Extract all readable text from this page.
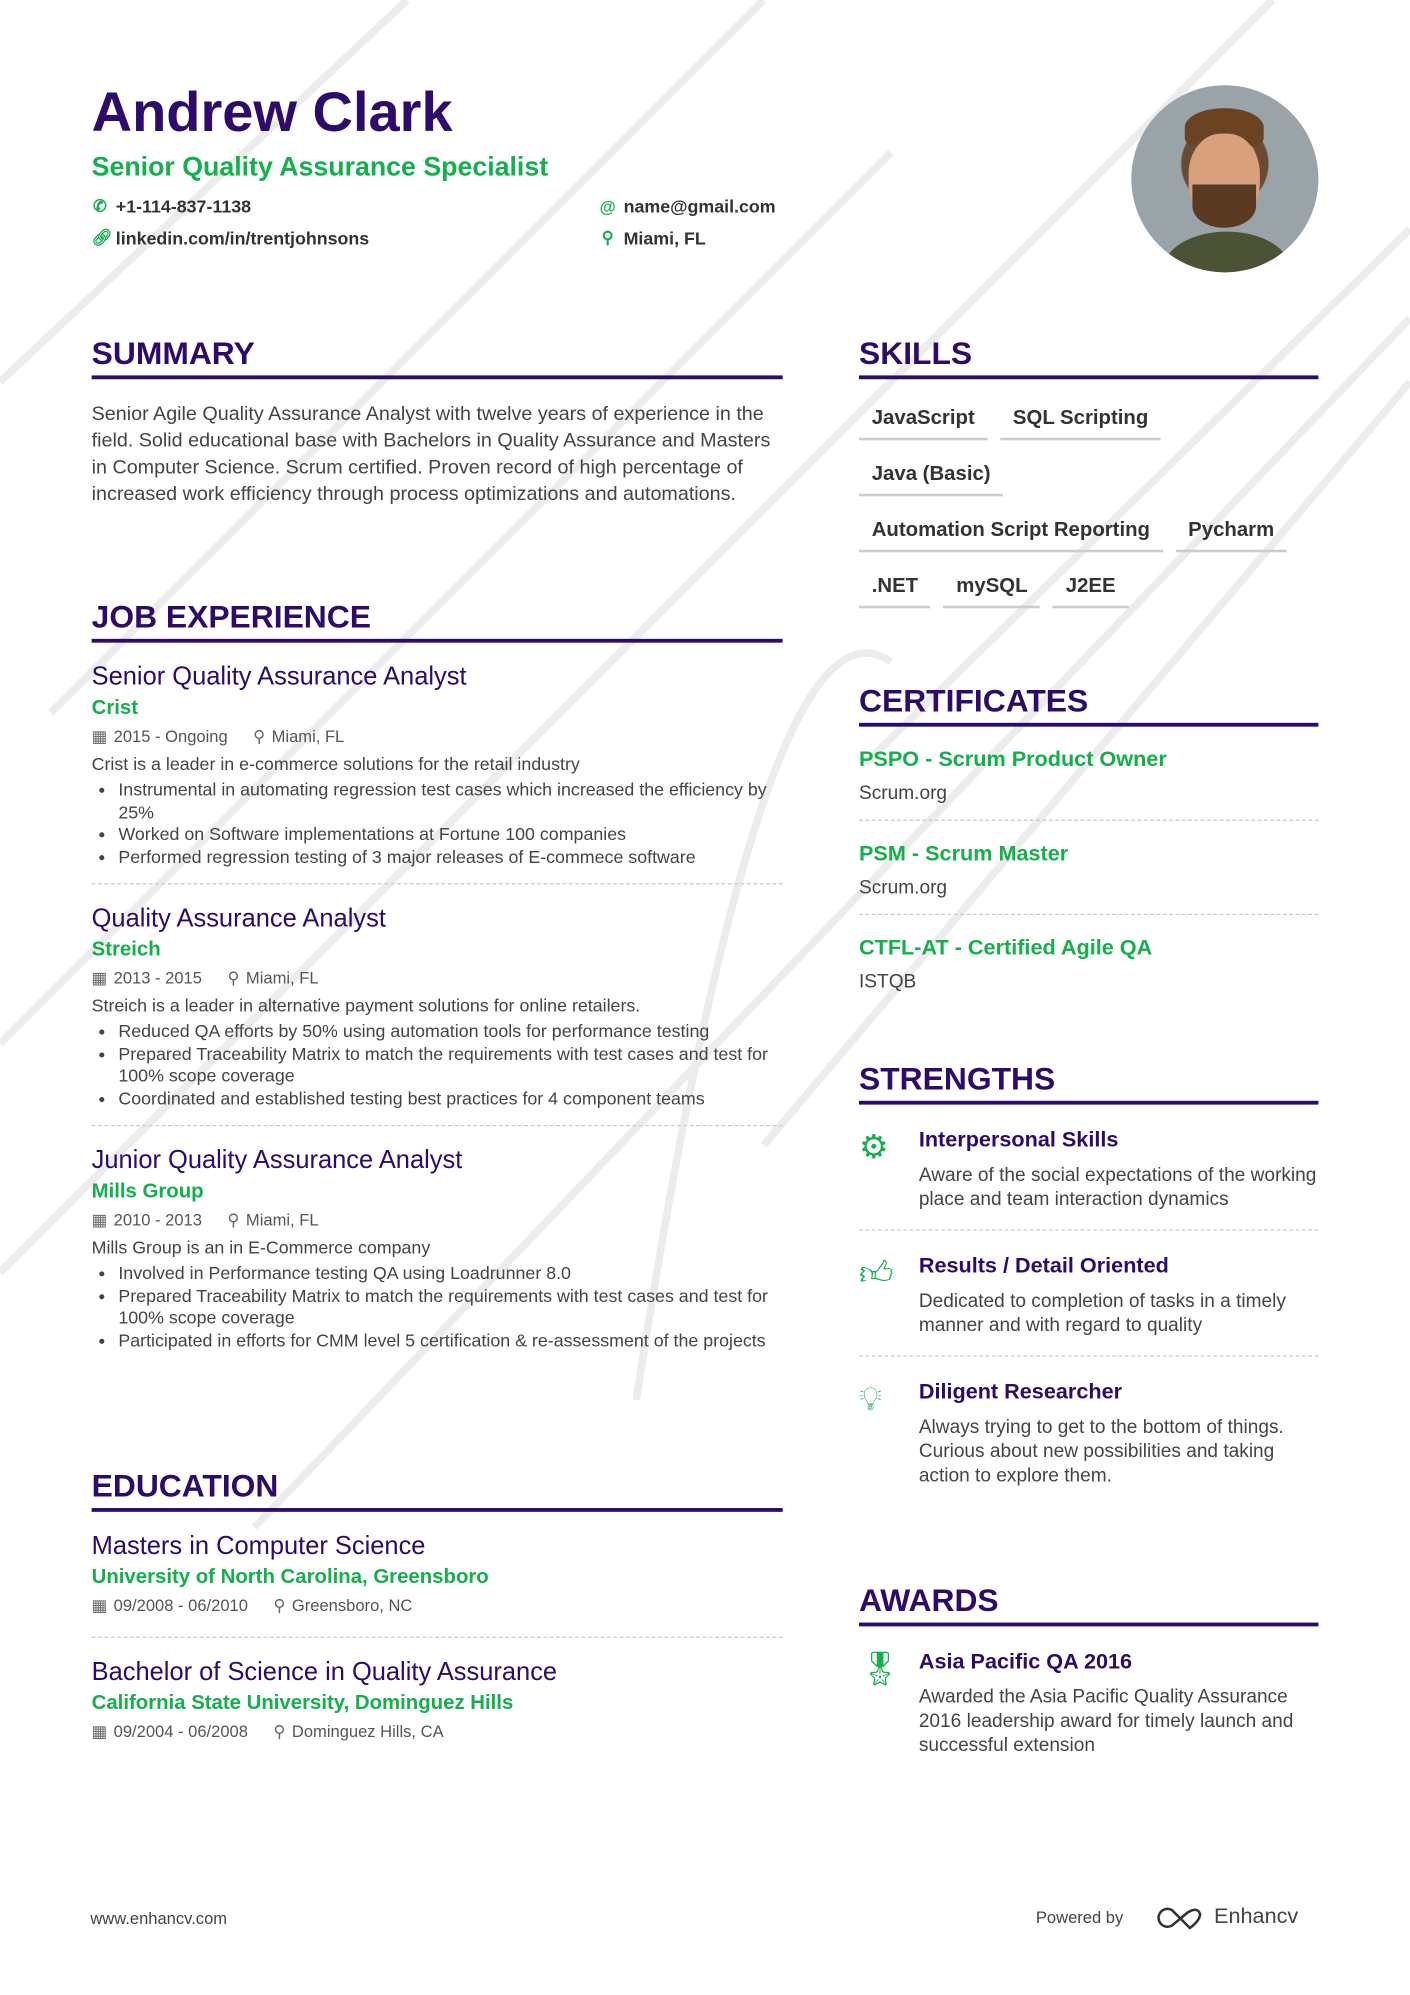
Andrew Clark
Senior Quality Assurance Specialist
✆ +1-114-837-1138
🔗︎ linkedin.com/in/trentjohnsons
@ name@gmail.com
⚲ Miami, FL
SUMMARY
Senior Agile Quality Assurance Analyst with twelve years of experience in the field. Solid educational base with Bachelors in Quality Assurance and Masters in Computer Science. Scrum certified. Proven record of high percentage of increased work efficiency through process optimizations and automations.
JOB EXPERIENCE
Senior Quality Assurance Analyst
Crist
▦ 2015 - Ongoing ⚲ Miami, FL
Crist is a leader in e-commerce solutions for the retail industry
• Instrumental in automating regression test cases which increased the efficiency by 25%
• Worked on Software implementations at Fortune 100 companies
• Performed regression testing of 3 major releases of E-commece software
Quality Assurance Analyst
Streich
▦ 2013 - 2015 ⚲ Miami, FL
Streich is a leader in alternative payment solutions for online retailers.
• Reduced QA efforts by 50% using automation tools for performance testing
• Prepared Traceability Matrix to match the requirements with test cases and test for 100% scope coverage
• Coordinated and established testing best practices for 4 component teams
Junior Quality Assurance Analyst
Mills Group
▦ 2010 - 2013 ⚲ Miami, FL
Mills Group is an in E-Commerce company
• Involved in Performance testing QA using Loadrunner 8.0
• Prepared Traceability Matrix to match the requirements with test cases and test for 100% scope coverage
• Participated in efforts for CMM level 5 certification & re-assessment of the projects
EDUCATION
Masters in Computer Science
University of North Carolina, Greensboro
▦ 09/2008 - 06/2010 ⚲ Greensboro, NC
Bachelor of Science in Quality Assurance
California State University, Dominguez Hills
▦ 09/2004 - 06/2008 ⚲ Dominguez Hills, CA
SKILLS
JavaScript SQL Scripting
Java (Basic)
Automation Script Reporting Pycharm
.NET mySQL J2EE
CERTIFICATES
PSPO - Scrum Product Owner
Scrum.org
PSM - Scrum Master
Scrum.org
CTFL-AT - Certified Agile QA
ISTQB
STRENGTHS
⚙	Interpersonal Skills
Aware of the social expectations of the working place and team interaction dynamics
👍︎	Results / Detail Oriented
Dedicated to completion of tasks in a timely manner and with regard to quality
💡︎	Diligent Researcher
Always trying to get to the bottom of things. Curious about new possibilities and taking action to explore them.
AWARDS
🎖︎	Asia Pacific QA 2016
Awarded the Asia Pacific Quality Assurance 2016 leadership award for timely launch and successful extension
www.enhancv.com	Powered by	Enhancv
